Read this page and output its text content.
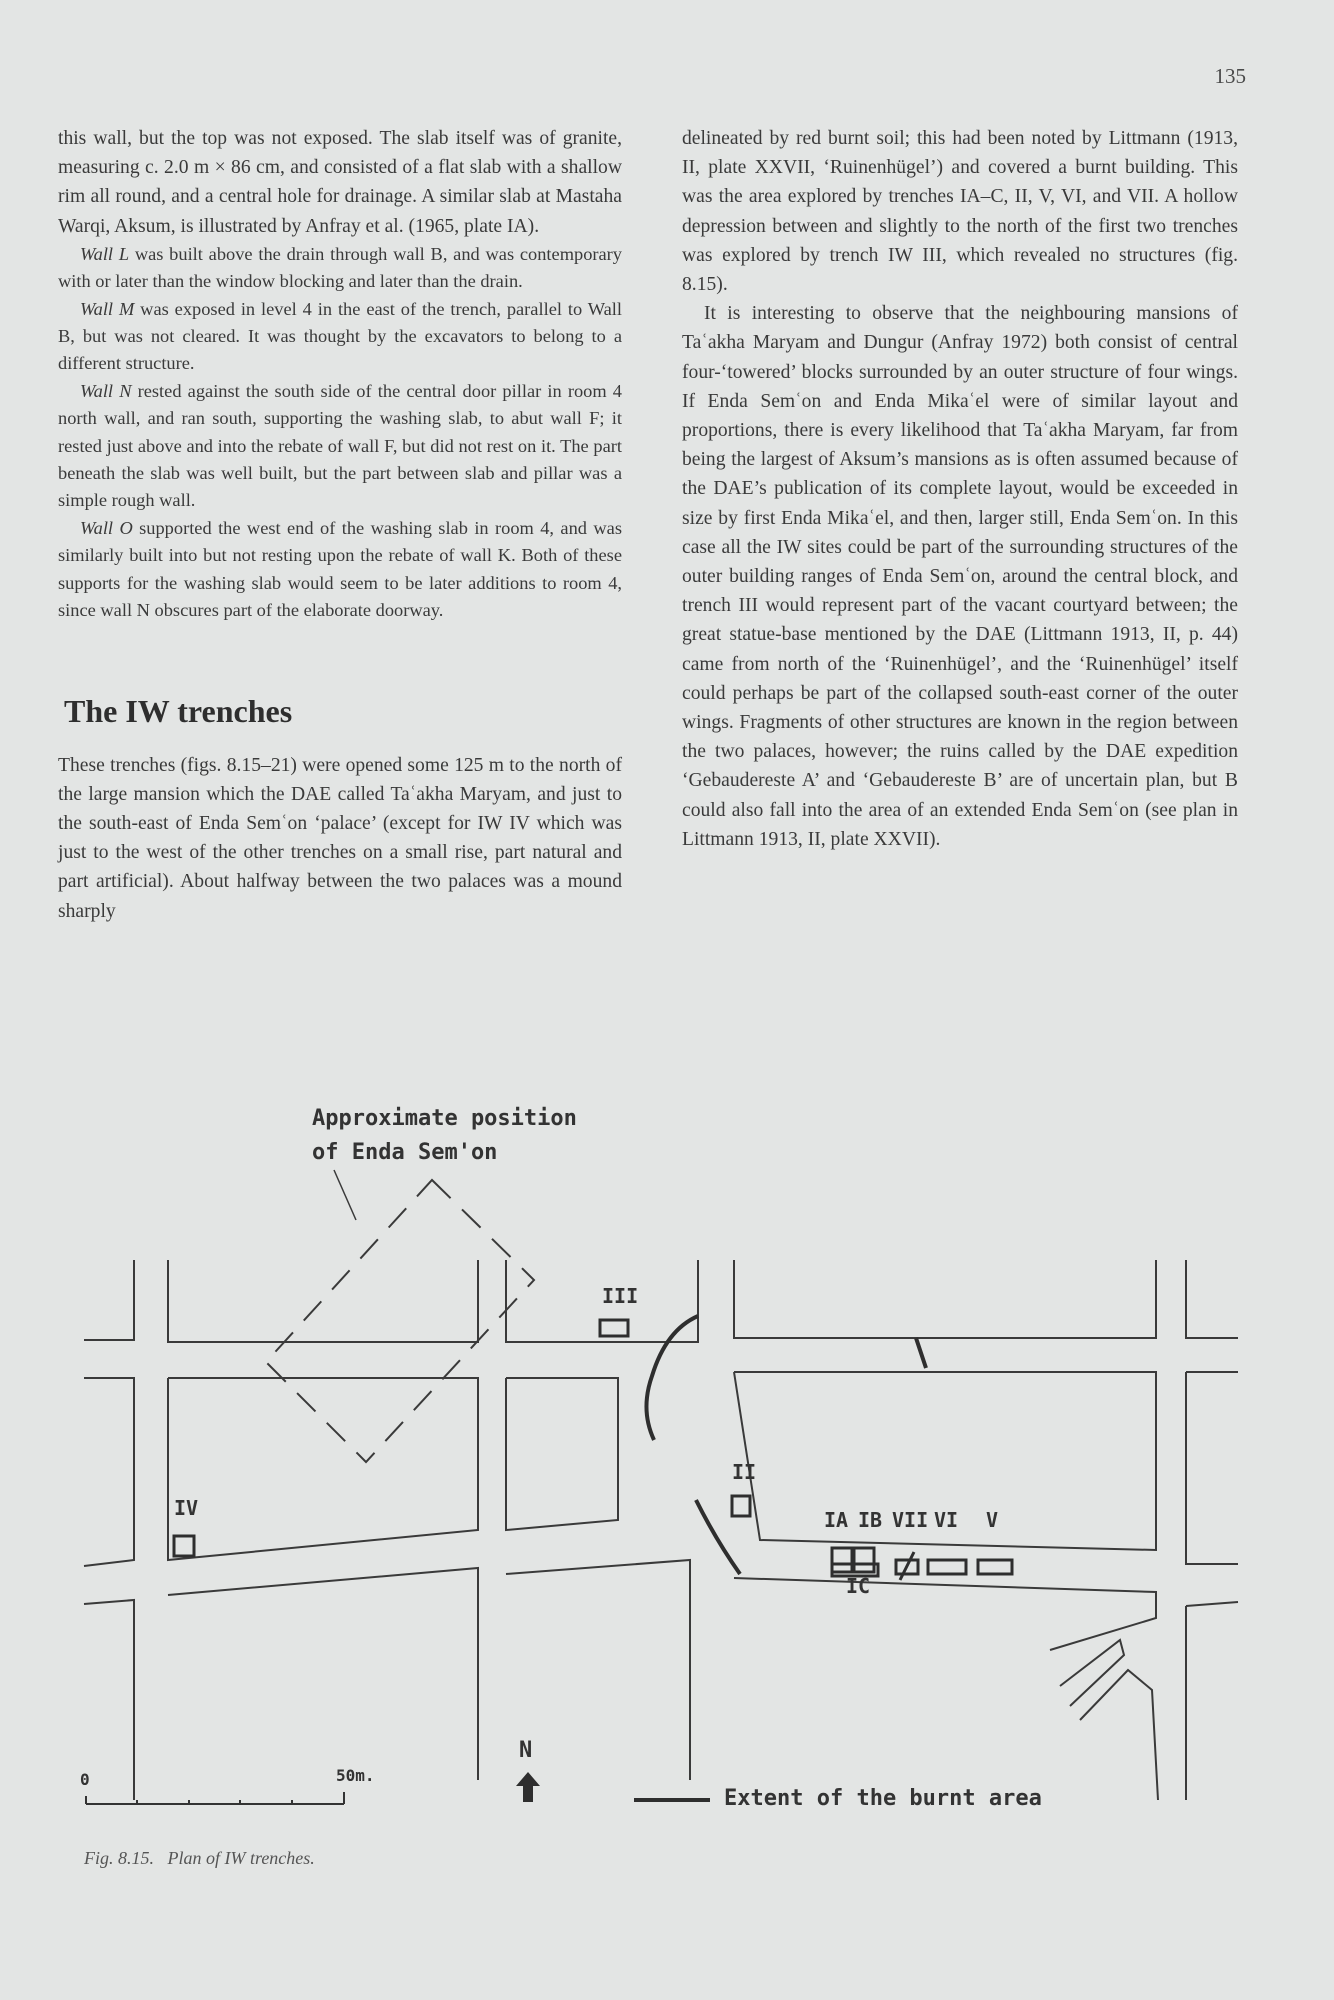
135

this wall, but the top was not exposed. The slab itself was of granite, measuring c. 2.0 m × 86 cm, and consisted of a flat slab with a shallow rim all round, and a central hole for drainage. A similar slab at Mastaha Warqi, Aksum, is illustrated by Anfray et al. (1965, plate IA).

Wall L was built above the drain through wall B, and was contemporary with or later than the window blocking and later than the drain.

Wall M was exposed in level 4 in the east of the trench, parallel to Wall B, but was not cleared. It was thought by the excavators to belong to a different structure.

Wall N rested against the south side of the central door pillar in room 4 north wall, and ran south, supporting the washing slab, to abut wall F; it rested just above and into the rebate of wall F, but did not rest on it. The part beneath the slab was well built, but the part between slab and pillar was a simple rough wall.

Wall O supported the west end of the washing slab in room 4, and was similarly built into but not resting upon the rebate of wall K. Both of these supports for the washing slab would seem to be later additions to room 4, since wall N obscures part of the elaborate doorway.

The IW trenches

These trenches (figs. 8.15–21) were opened some 125 m to the north of the large mansion which the DAE called Taʿakha Maryam, and just to the south-east of Enda Semʿon ‘palace’ (except for IW IV which was just to the west of the other trenches on a small rise, part natural and part artificial). About halfway between the two palaces was a mound sharply

delineated by red burnt soil; this had been noted by Littmann (1913, II, plate XXVII, ‘Ruinenhügel’) and covered a burnt building. This was the area explored by trenches IA–C, II, V, VI, and VII. A hollow depression between and slightly to the north of the first two trenches was explored by trench IW III, which revealed no structures (fig. 8.15).

It is interesting to observe that the neighbouring mansions of Taʿakha Maryam and Dungur (Anfray 1972) both consist of central four-‘towered’ blocks surrounded by an outer structure of four wings. If Enda Semʿon and Enda Mikaʿel were of similar layout and proportions, there is every likelihood that Taʿakha Maryam, far from being the largest of Aksum’s mansions as is often assumed because of the DAE’s publication of its complete layout, would be exceeded in size by first Enda Mikaʿel, and then, larger still, Enda Semʿon. In this case all the IW sites could be part of the surrounding structures of the outer building ranges of Enda Semʿon, around the central block, and trench III would represent part of the vacant courtyard between; the great statue-base mentioned by the DAE (Littmann 1913, II, p. 44) came from north of the ‘Ruinenhügel’, and the ‘Ruinenhügel’ itself could perhaps be part of the collapsed south-east corner of the outer wings. Fragments of other structures are known in the region between the two palaces, however; the ruins called by the DAE expedition ‘Gebaudereste A’ and ‘Gebaudereste B’ are of uncertain plan, but B could also fall into the area of an extended Enda Semʿon (see plan in Littmann 1913, II, plate XXVII).

Approximate position
of Enda Sem'on
III
II
IV	IA IB VII VI V
IC
0	50m.
N
Extent of the burnt area
Fig. 8.15.   Plan of IW trenches.
